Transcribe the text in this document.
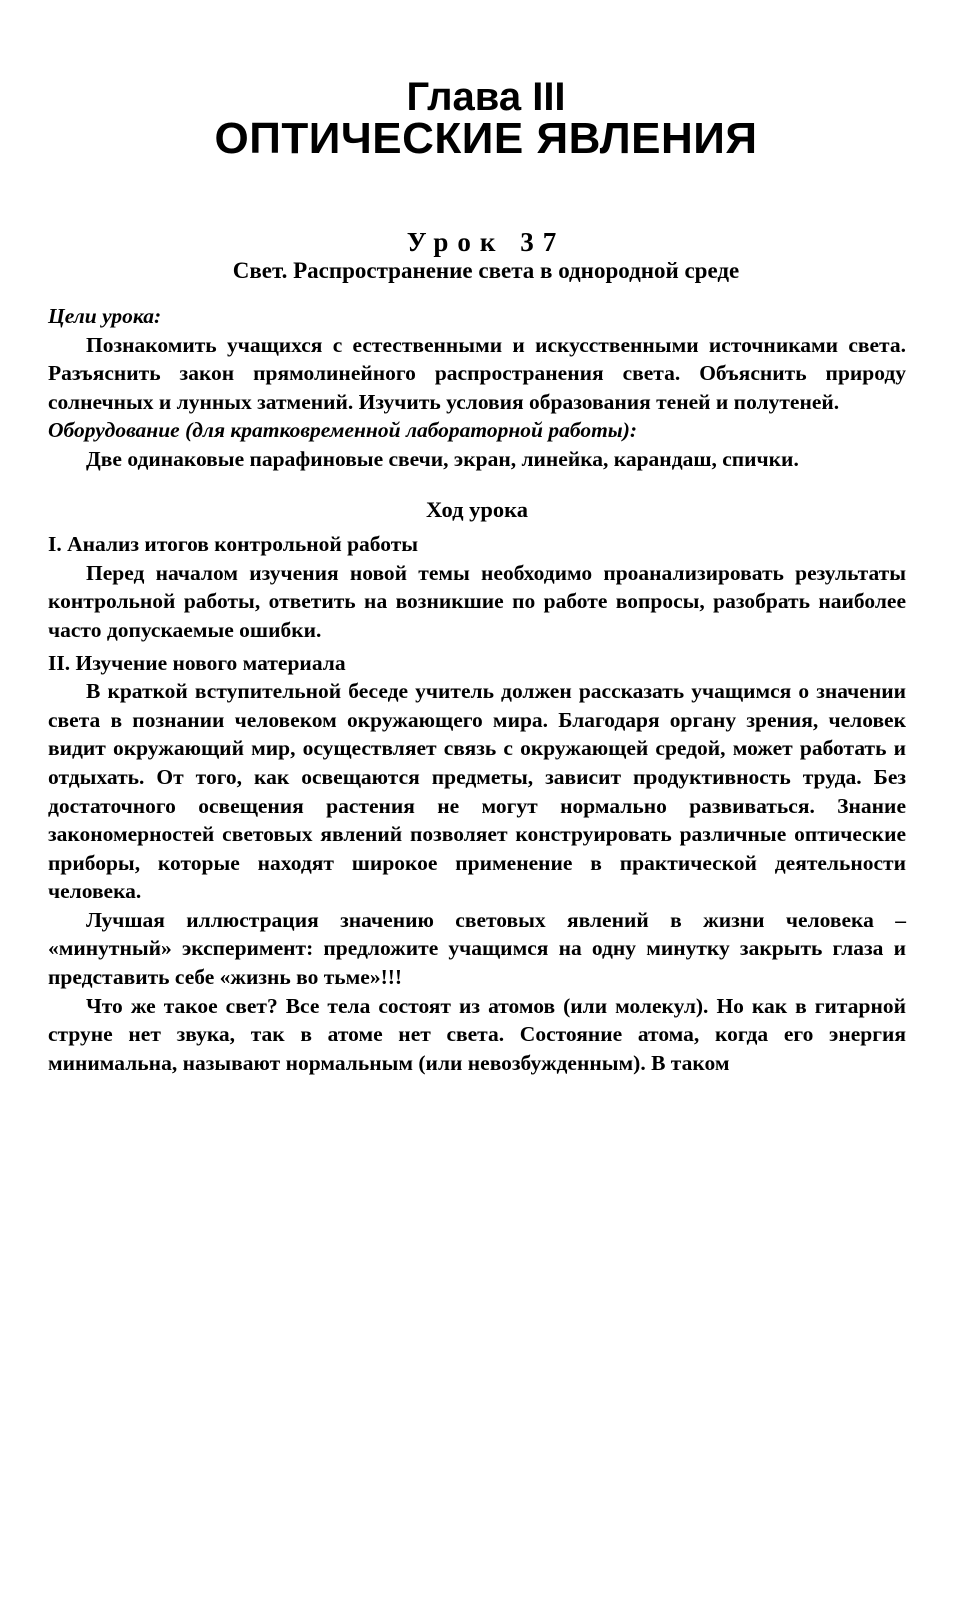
Глава III
ОПТИЧЕСКИЕ ЯВЛЕНИЯ
Урок 37
Свет. Распространение света в однородной среде

Цели урока:

Познакомить учащихся с естественными и искусственными источниками света. Разъяснить закон прямолинейного распространения света. Объяснить природу солнечных и лунных затмений. Изучить условия образования теней и полутеней.

Оборудование (для кратковременной лабораторной работы):

Две одинаковые парафиновые свечи, экран, линейка, карандаш, спички.

Ход урока

I. Анализ итогов контрольной работы

Перед началом изучения новой темы необходимо проанализировать результаты контрольной работы, ответить на возникшие по работе вопросы, разобрать наиболее часто допускаемые ошибки.

II. Изучение нового материала

В краткой вступительной беседе учитель должен рассказать учащимся о значении света в познании человеком окружающего мира. Благодаря органу зрения, человек видит окружающий мир, осуществляет связь с окружающей средой, может работать и отдыхать. От того, как освещаются предметы, зависит продуктивность труда. Без достаточного освещения растения не могут нормально развиваться. Знание закономерностей световых явлений позволяет конструировать различные оптические приборы, которые находят широкое применение в практической деятельности человека.

Лучшая иллюстрация значению световых явлений в жизни человека – «минутный» эксперимент: предложите учащимся на одну минутку закрыть глаза и представить себе «жизнь во тьме»!!!

Что же такое свет? Все тела состоят из атомов (или молекул). Но как в гитарной струне нет звука, так в атоме нет света. Состояние атома, когда его энергия минимальна, называют нормальным (или невозбужденным). В таком
